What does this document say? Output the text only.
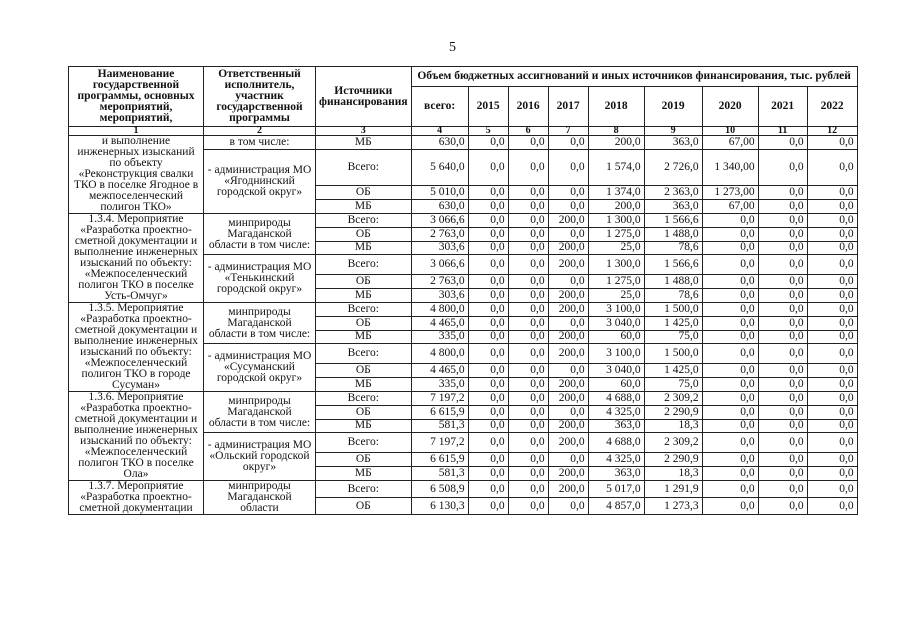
5
Наименование государственной программы, основных мероприятий, мероприятий,	Ответственный исполнитель, участник государственной программы	Источники финансирования	Объем бюджетных ассигнований и иных источников финансирования, тыс. рублей								
			всего:	2015	2016	2017	2018	2019	2020	2021	2022
1	2	3	4	5	6	7	8	9	10	11	12
и выполнение инженерных изысканий по объекту «Реконструкция свалки ТКО в поселке Ягодное в межпоселенческий полигон ТКО»	в том числе:	МБ	630,0	0,0	0,0	0,0	200,0	363,0	67,00	0,0	0,0
	- администрация МО «Ягоднинский городской округ»	Всего:	5 640,0	0,0	0,0	0,0	1 574,0	2 726,0	1 340,00	0,0	0,0
		ОБ	5 010,0	0,0	0,0	0,0	1 374,0	2 363,0	1 273,00	0,0	0,0
		МБ	630,0	0,0	0,0	0,0	200,0	363,0	67,00	0,0	0,0
1.3.4. Мероприятие «Разработка проектно-сметной документации и выполнение инженерных изысканий по объекту: «Межпоселенческий полигон ТКО в поселке Усть-Омчуг»	минприроды Магаданской области в том числе:	Всего:	3 066,6	0,0	0,0	200,0	1 300,0	1 566,6	0,0	0,0	0,0
		ОБ	2 763,0	0,0	0,0	0,0	1 275,0	1 488,0	0,0	0,0	0,0
		МБ	303,6	0,0	0,0	200,0	25,0	78,6	0,0	0,0	0,0
	- администрация МО «Тенькинский городской округ»	Всего:	3 066,6	0,0	0,0	200,0	1 300,0	1 566,6	0,0	0,0	0,0
		ОБ	2 763,0	0,0	0,0	0,0	1 275,0	1 488,0	0,0	0,0	0,0
		МБ	303,6	0,0	0,0	200,0	25,0	78,6	0,0	0,0	0,0
1.3.5. Мероприятие «Разработка проектно-сметной документации и выполнение инженерных изысканий по объекту: «Межпоселенческий полигон ТКО в городе Сусуман»	минприроды Магаданской области в том числе:	Всего:	4 800,0	0,0	0,0	200,0	3 100,0	1 500,0	0,0	0,0	0,0
		ОБ	4 465,0	0,0	0,0	0,0	3 040,0	1 425,0	0,0	0,0	0,0
		МБ	335,0	0,0	0,0	200,0	60,0	75,0	0,0	0,0	0,0
	- администрация МО «Сусуманский городской округ»	Всего:	4 800,0	0,0	0,0	200,0	3 100,0	1 500,0	0,0	0,0	0,0
		ОБ	4 465,0	0,0	0,0	0,0	3 040,0	1 425,0	0,0	0,0	0,0
		МБ	335,0	0,0	0,0	200,0	60,0	75,0	0,0	0,0	0,0
1.3.6. Мероприятие «Разработка проектно-сметной документации и выполнение инженерных изысканий по объекту: «Межпоселенческий полигон ТКО в поселке Ола»	минприроды Магаданской области в том числе:	Всего:	7 197,2	0,0	0,0	200,0	4 688,0	2 309,2	0,0	0,0	0,0
		ОБ	6 615,9	0,0	0,0	0,0	4 325,0	2 290,9	0,0	0,0	0,0
		МБ	581,3	0,0	0,0	200,0	363,0	18,3	0,0	0,0	0,0
	- администрация МО «Ольский городской округ»	Всего:	7 197,2	0,0	0,0	200,0	4 688,0	2 309,2	0,0	0,0	0,0
		ОБ	6 615,9	0,0	0,0	0,0	4 325,0	2 290,9	0,0	0,0	0,0
		МБ	581,3	0,0	0,0	200,0	363,0	18,3	0,0	0,0	0,0
1.3.7. Мероприятие «Разработка проектно-сметной документации	минприроды Магаданской области	Всего:	6 508,9	0,0	0,0	200,0	5 017,0	1 291,9	0,0	0,0	0,0
		ОБ	6 130,3	0,0	0,0	0,0	4 857,0	1 273,3	0,0	0,0	0,0
